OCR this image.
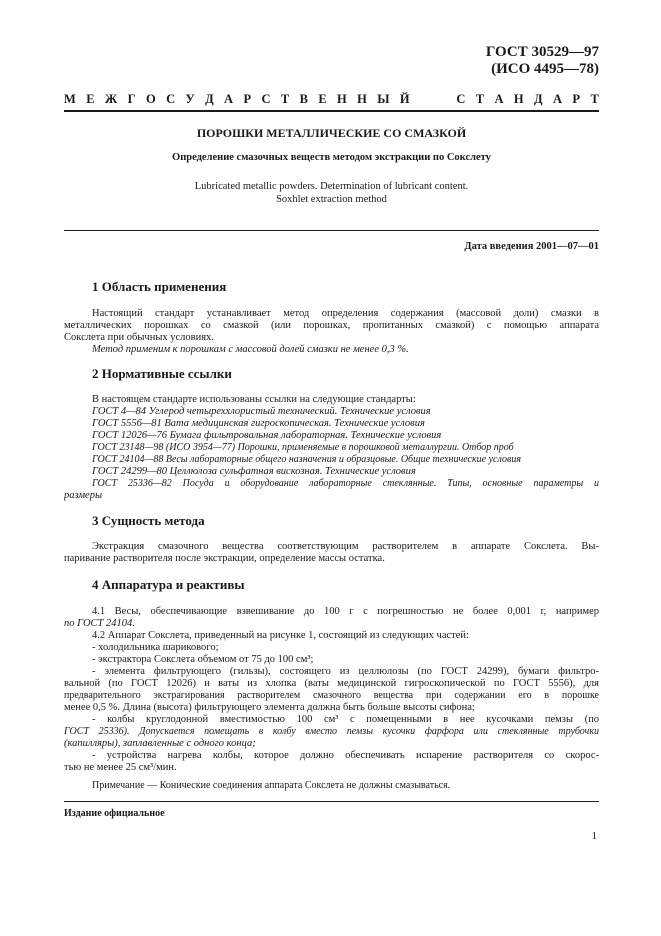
ГОСТ 30529—97
(ИСО 4495—78)
М Е Ж Г О С У Д А Р С Т В Е Н Н Ы Й	С Т А Н Д А Р Т
ПОРОШКИ МЕТАЛЛИЧЕСКИЕ СО СМАЗКОЙ
Определение смазочных веществ методом экстракции по Сокслету
Lubricated metallic powders. Determination of lubricant content.
Soxhlet extraction method
Дата введения 2001—07—01
1 Область применения
Настоящий стандарт устанавливает метод определения содержания (массовой доли) смазки в
металлических порошках со смазкой (или порошках, пропитанных смазкой) с помощью аппарата
Сокслета при обычных условиях.
Метод применим к порошкам с массовой долей смазки не менее 0,3 %.
2 Нормативные ссылки
В настоящем стандарте использованы ссылки на следующие стандарты:
ГОСТ 4—84 Углерод четыреххлористый технический. Технические условия
ГОСТ 5556—81 Вата медицинская гигроскопическая. Технические условия
ГОСТ 12026—76 Бумага фильтровальная лабораторная. Технические условия
ГОСТ 23148—98 (ИСО 3954—77) Порошки, применяемые в порошковой металлургии. Отбор проб
ГОСТ 24104—88 Весы лабораторные общего назначения и образцовые. Общие технические условия
ГОСТ 24299—80 Целлюлоза сульфатная вискозная. Технические условия
ГОСТ 25336—82 Посуда и оборудование лабораторные стеклянные. Типы, основные параметры и
размеры
3 Сущность метода
Экстракция смазочного вещества соответствующим растворителем в аппарате Сокслета. Вы-
паривание растворителя после экстракции, определение массы остатка.
4 Аппаратура и реактивы
4.1 Весы, обеспечивающие взвешивание до 100 г с погрешностью не более 0,001 г, например
по ГОСТ 24104.
4.2 Аппарат Сокслета, приведенный на рисунке 1, состоящий из следующих частей:
- холодильника шарикового;
- экстрактора Сокслета объемом от 75 до 100 см³;
- элемента фильтрующего (гильзы), состоящего из целлюлозы (по ГОСТ 24299), бумаги фильтро-
вальной (по ГОСТ 12026) и ваты из хлопка (ваты медицинской гигроскопической по ГОСТ 5556), для
предварительного экстрагирования растворителем смазочного вещества при содержании его в порошке
менее 0,5 %. Длина (высота) фильтрующего элемента должна быть больше высоты сифона;
- колбы круглодонной вместимостью 100 см³ с помещенными в нее кусочками пемзы (по
ГОСТ 25336). Допускается помещать в колбу вместо пемзы кусочки фарфора или стеклянные трубочки
(капилляры), заплавленные с одного конца;
- устройства нагрева колбы, которое должно обеспечивать испарение растворителя со скорос-
тью не менее 25 см³/мин.
Примечание — Конические соединения аппарата Сокслета не должны смазываться.
Издание официальное
1
